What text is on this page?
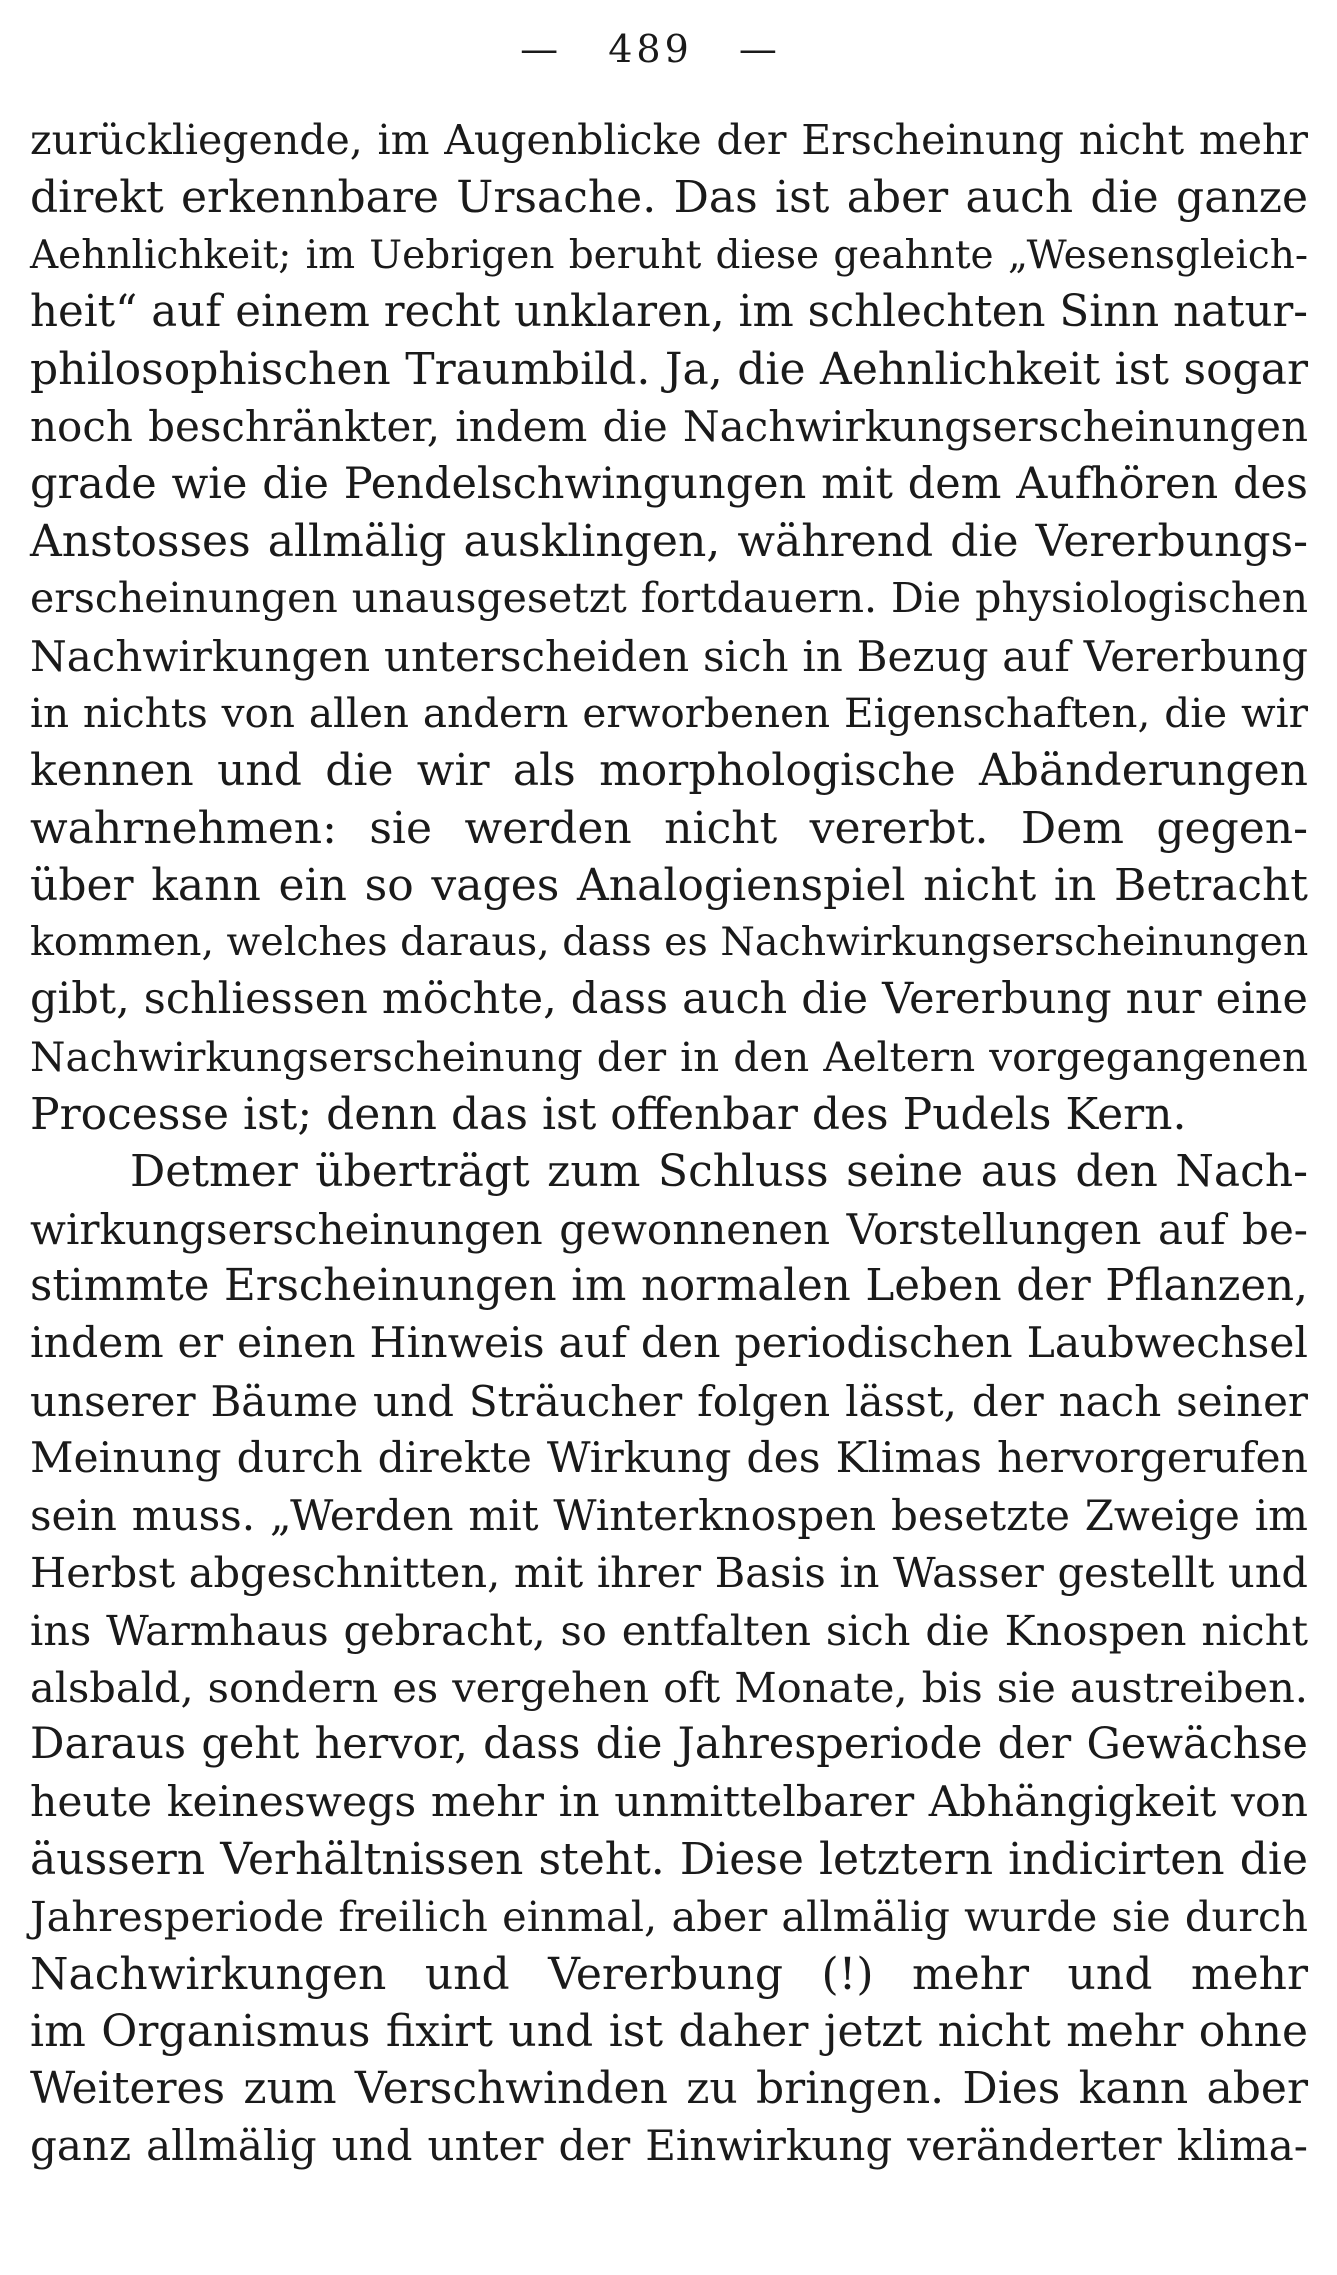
— 489 —
zurückliegende, im Augenblicke der Erscheinung nicht mehr
direkt erkennbare Ursache. Das ist aber auch die ganze
Aehnlichkeit; im Uebrigen beruht diese geahnte „Wesensgleich-
heit“ auf einem recht unklaren, im schlechten Sinn natur-
philosophischen Traumbild. Ja, die Aehnlichkeit ist sogar
noch beschränkter, indem die Nachwirkungserscheinungen
grade wie die Pendelschwingungen mit dem Aufhören des
Anstosses allmälig ausklingen, während die Vererbungs-
erscheinungen unausgesetzt fortdauern. Die physiologischen
Nachwirkungen unterscheiden sich in Bezug auf Vererbung
in nichts von allen andern erworbenen Eigenschaften, die wir
kennen und die wir als morphologische Abänderungen
wahrnehmen: sie werden nicht vererbt. Dem gegen-
über kann ein so vages Analogienspiel nicht in Betracht
kommen, welches daraus, dass es Nachwirkungserscheinungen
gibt, schliessen möchte, dass auch die Vererbung nur eine
Nachwirkungserscheinung der in den Aeltern vorgegangenen
Processe ist; denn das ist offenbar des Pudels Kern.
Detmer überträgt zum Schluss seine aus den Nach-
wirkungserscheinungen gewonnenen Vorstellungen auf be-
stimmte Erscheinungen im normalen Leben der Pflanzen,
indem er einen Hinweis auf den periodischen Laubwechsel
unserer Bäume und Sträucher folgen lässt, der nach seiner
Meinung durch direkte Wirkung des Klimas hervorgerufen
sein muss. „Werden mit Winterknospen besetzte Zweige im
Herbst abgeschnitten, mit ihrer Basis in Wasser gestellt und
ins Warmhaus gebracht, so entfalten sich die Knospen nicht
alsbald, sondern es vergehen oft Monate, bis sie austreiben.
Daraus geht hervor, dass die Jahresperiode der Gewächse
heute keineswegs mehr in unmittelbarer Abhängigkeit von
äussern Verhältnissen steht. Diese letztern indicirten die
Jahresperiode freilich einmal, aber allmälig wurde sie durch
Nachwirkungen und Vererbung (!) mehr und mehr
im Organismus fixirt und ist daher jetzt nicht mehr ohne
Weiteres zum Verschwinden zu bringen. Dies kann aber
ganz allmälig und unter der Einwirkung veränderter klima-
